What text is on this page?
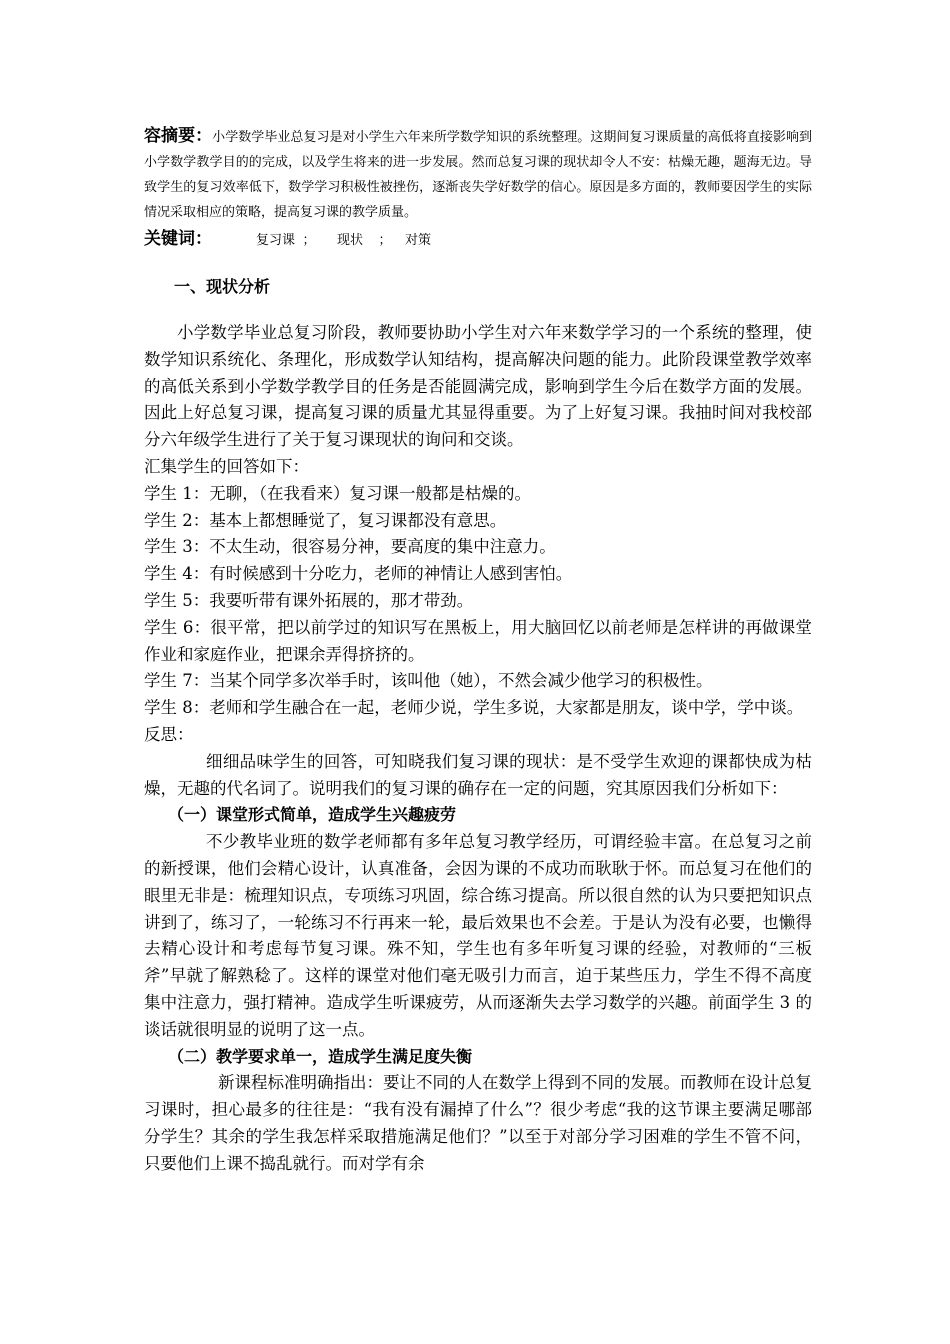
容摘要：小学数学毕业总复习是对小学生六年来所学数学知识的系统整理。这期间复习课质量的高低将直接影响到小学数学教学目的的完成，以及学生将来的进一步发展。然而总复习课的现状却令人不安：枯燥无趣，题海无边。导致学生的复习效率低下，数学学习积极性被挫伤，逐渐丧失学好数学的信心。原因是多方面的，教师要因学生的实际情况采取相应的策略，提高复习课的教学质量。
关键词：	复习课 ； 现状 ； 对策
一、现状分析

小学数学毕业总复习阶段，教师要协助小学生对六年来数学学习的一个系统的整理，使数学知识系统化、条理化，形成数学认知结构，提高解决问题的能力。此阶段课堂教学效率的高低关系到小学数学教学目的任务是否能圆满完成，影响到学生今后在数学方面的发展。因此上好总复习课，提高复习课的质量尤其显得重要。为了上好复习课。我抽时间对我校部分六年级学生进行了关于复习课现状的询问和交谈。

汇集学生的回答如下：

学生 1：无聊，（在我看来）复习课一般都是枯燥的。

学生 2：基本上都想睡觉了，复习课都没有意思。

学生 3：不太生动，很容易分神，要高度的集中注意力。

学生 4：有时候感到十分吃力，老师的神情让人感到害怕。

学生 5：我要听带有课外拓展的，那才带劲。

学生 6：很平常，把以前学过的知识写在黑板上，用大脑回忆以前老师是怎样讲的再做课堂作业和家庭作业，把课余弄得挤挤的。

学生 7：当某个同学多次举手时，该叫他（她），不然会减少他学习的积极性。

学生 8：老师和学生融合在一起，老师少说，学生多说，大家都是朋友，谈中学，学中谈。

反思：

细细品味学生的回答，可知晓我们复习课的现状：是不受学生欢迎的课都快成为枯燥，无趣的代名词了。说明我们的复习课的确存在一定的问题，究其原因我们分析如下：

（一）课堂形式简单，造成学生兴趣疲劳

不少教毕业班的数学老师都有多年总复习教学经历，可谓经验丰富。在总复习之前的新授课，他们会精心设计，认真准备，会因为课的不成功而耿耿于怀。而总复习在他们的眼里无非是：梳理知识点，专项练习巩固，综合练习提高。所以很自然的认为只要把知识点讲到了，练习了，一轮练习不行再来一轮，最后效果也不会差。于是认为没有必要，也懒得去精心设计和考虑每节复习课。殊不知，学生也有多年听复习课的经验，对教师的“三板斧”早就了解熟稔了。这样的课堂对他们毫无吸引力而言，迫于某些压力，学生不得不高度集中注意力，强打精神。造成学生听课疲劳，从而逐渐失去学习数学的兴趣。前面学生 3 的谈话就很明显的说明了这一点。

（二）教学要求单一，造成学生满足度失衡

新课程标准明确指出：要让不同的人在数学上得到不同的发展。而教师在设计总复习课时，担心最多的往往是：“我有没有漏掉了什么”？很少考虑“我的这节课主要满足哪部分学生？其余的学生我怎样采取措施满足他们？”以至于对部分学习困难的学生不管不问，只要他们上课不捣乱就行。而对学有余
